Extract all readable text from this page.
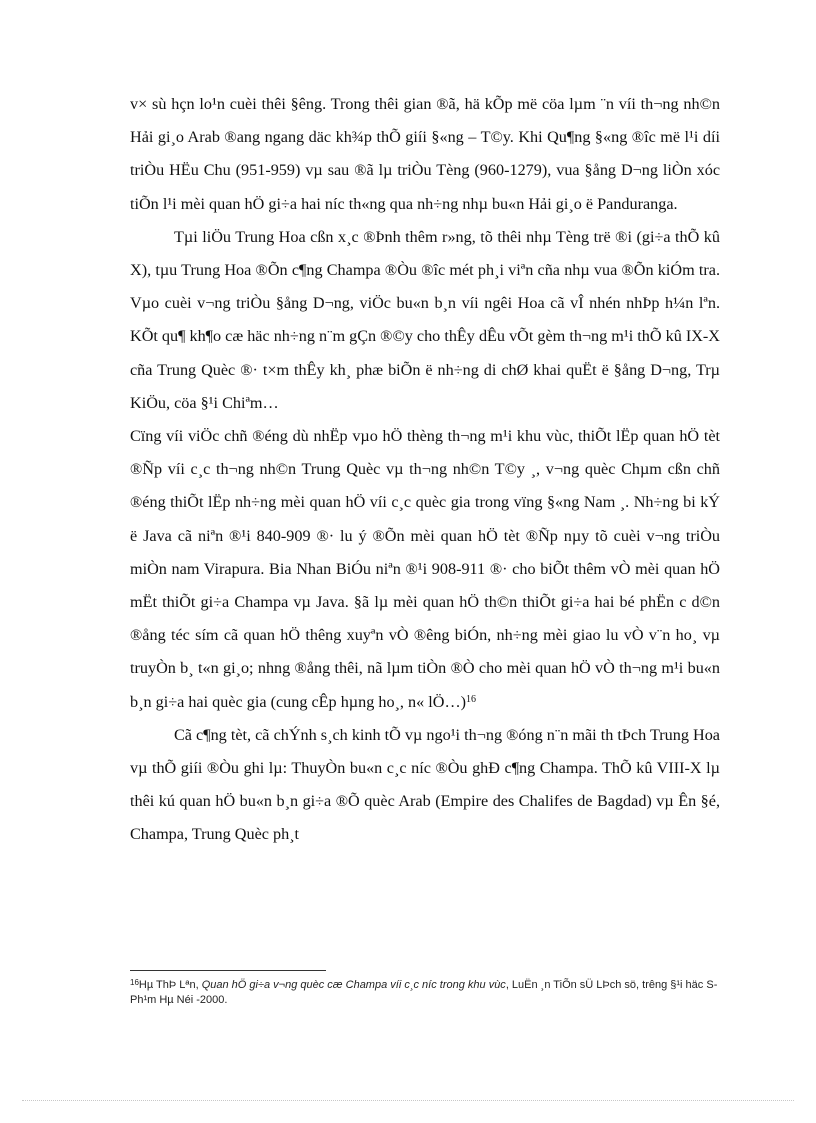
v× sù hçn lo¹n cuèi thêi §êng. Trong thêi gian ®ã, hä kÕp më cöa lµm ¨n víi th¬ng nh©n Hải gi¸o Arab ®ang ngang däc kh¾p thÕ giíi §«ng – T©y. Khi Qu¶ng §«ng ®îc më l¹i díi triÒu HËu Chu (951-959) vµ sau ®ã lµ triÒu Tèng (960-1279), vua §ång D¬ng liÒn xóc tiÕn l¹i mèi quan hÖ gi÷a hai níc th«ng qua nh÷ng nhµ bu«n Hải gi¸o ë Panduranga.

Tµi liÖu Trung Hoa cßn x¸c ®Þnh thêm r»ng, tõ thêi nhµ Tèng trë ®i (gi÷a thÕ kû X), tµu Trung Hoa ®Õn c¶ng Champa ®Òu ®îc mét ph¸i viªn cña nhµ vua ®Õn kiÓm tra. Vµo cuèi v¬ng triÒu §ång D¬ng, viÖc bu«n b¸n víi ngêi Hoa cã vÎ nhén nhÞp h¼n lªn. KÕt qu¶ kh¶o cæ häc nh÷ng n¨m gÇn ®©y cho thÊy dÊu vÕt gèm th¬ng m¹i thÕ kû IX-X cña Trung Quèc ®· t×m thÊy kh¸ phæ biÕn ë nh÷ng di chØ khai quËt ë §ång D¬ng, Trµ KiÖu, cöa §¹i Chiªm…

Cïng víi viÖc chñ ®éng dù nhËp vµo hÖ thèng th¬ng m¹i khu vùc, thiÕt lËp quan hÖ tèt ®Ñp víi c¸c th¬ng nh©n Trung Quèc vµ th¬ng nh©n T©y ¸, v¬ng quèc Chµm cßn chñ ®éng thiÕt lËp nh÷ng mèi quan hÖ víi c¸c quèc gia trong vïng §«ng Nam ¸. Nh÷ng bi kÝ ë Java cã niªn ®¹i 840-909 ®· lu ý ®Õn mèi quan hÖ tèt ®Ñp nµy tõ cuèi v¬ng triÒu miÒn nam Virapura. Bia Nhan BiÓu niªn ®¹i 908-911 ®· cho biÕt thêm vÒ mèi quan hÖ mËt thiÕt gi÷a Champa vµ Java. §ã lµ mèi quan hÖ th©n thiÕt gi÷a hai bé phËn c d©n ®ång téc sím cã quan hÖ thêng xuyªn vÒ ®êng biÓn, nh÷ng mèi giao lu vÒ v¨n ho¸ vµ truyÒn b¸ t«n gi¸o; nhng ®ång thêi, nã lµm tiÒn ®Ò cho mèi quan hÖ vÒ th¬ng m¹i bu«n b¸n gi÷a hai quèc gia (cung cÊp hµng ho¸, n« lÖ…)$^{16}$

Cã c¶ng tèt, cã chÝnh s¸ch kinh tÕ vµ ngo¹i th¬ng ®óng n¨n mãi th tÞch Trung Hoa vµ thÕ giíi ®Òu ghi lµ: ThuyÒn bu«n c¸c níc ®Òu ghÐ c¶ng Champa. ThÕ kû VIII-X lµ thêi kú quan hÖ bu«n b¸n gi÷a ®Õ quèc Arab (Empire des Chalifes de Bagdad) vµ Ên §é, Champa, Trung Quèc ph¸t

$^{16}$Hµ ThÞ Lªn, Quan hÖ gi÷a v¬ng quèc cæ Champa víi c¸c níc trong khu vùc, LuËn ¸n TiÕn sÜ LÞch sö, trêng §¹i häc S Ph¹m Hµ Néi -2000.
